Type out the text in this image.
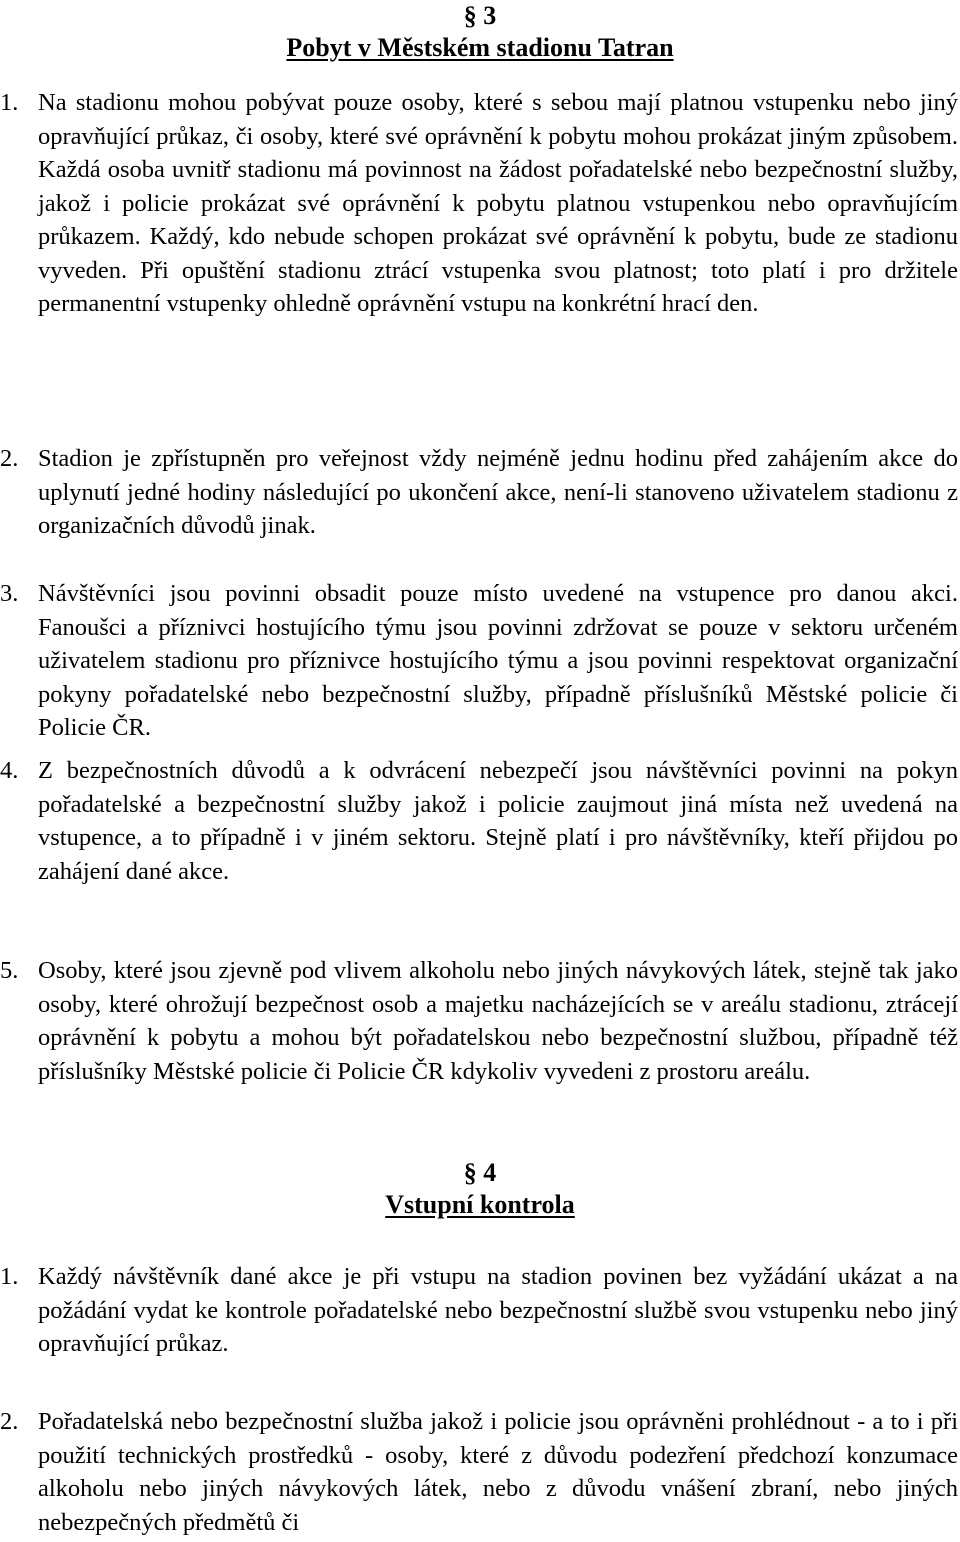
§ 3
Pobyt v Městském stadionu Tatran
1. Na stadionu mohou pobývat pouze osoby, které s sebou mají platnou vstupenku nebo jiný opravňující průkaz, či osoby, které své oprávnění k pobytu mohou prokázat jiným způsobem. Každá osoba uvnitř stadionu má povinnost na žádost pořadatelské nebo bezpečnostní služby, jakož i policie prokázat své oprávnění k pobytu platnou vstupenkou nebo opravňujícím průkazem. Každý, kdo nebude schopen prokázat své oprávnění k pobytu, bude ze stadionu vyveden. Při opuštění stadionu ztrácí vstupenka svou platnost; toto platí i pro držitele permanentní vstupenky ohledně oprávnění vstupu na konkrétní hrací den.
2. Stadion je zpřístupněn pro veřejnost vždy nejméně jednu hodinu před zahájením akce do uplynutí jedné hodiny následující po ukončení akce, není-li stanoveno uživatelem stadionu z organizačních důvodů jinak.
3. Návštěvníci jsou povinni obsadit pouze místo uvedené na vstupence pro danou akci. Fanoušci a příznivci hostujícího týmu jsou povinni zdržovat se pouze v sektoru určeném uživatelem stadionu pro příznivce hostujícího týmu a jsou povinni respektovat organizační pokyny pořadatelské nebo bezpečnostní služby, případně příslušníků Městské policie či Policie ČR.
4. Z bezpečnostních důvodů a k odvrácení nebezpečí jsou návštěvníci povinni na pokyn pořadatelské a bezpečnostní služby jakož i policie zaujmout jiná místa než uvedená na vstupence, a to případně i v jiném sektoru. Stejně platí i pro návštěvníky, kteří přijdou po zahájení dané akce.
5. Osoby, které jsou zjevně pod vlivem alkoholu nebo jiných návykových látek, stejně tak jako osoby, které ohrožují bezpečnost osob a majetku nacházejících se v areálu stadionu, ztrácejí oprávnění k pobytu a mohou být pořadatelskou nebo bezpečnostní službou, případně též příslušníky Městské policie či Policie ČR kdykoliv vyvedeni z prostoru areálu.
§ 4
Vstupní kontrola
1. Každý návštěvník dané akce je při vstupu na stadion povinen bez vyžádání ukázat a na požádání vydat ke kontrole pořadatelské nebo bezpečnostní službě svou vstupenku nebo jiný opravňující průkaz.
2. Pořadatelská nebo bezpečnostní služba jakož i policie jsou oprávněni prohlédnout - a to i při použití technických prostředků - osoby, které z důvodu podezření předchozí konzumace alkoholu nebo jiných návykových látek, nebo z důvodu vnášení zbraní, nebo jiných nebezpečných předmětů či
